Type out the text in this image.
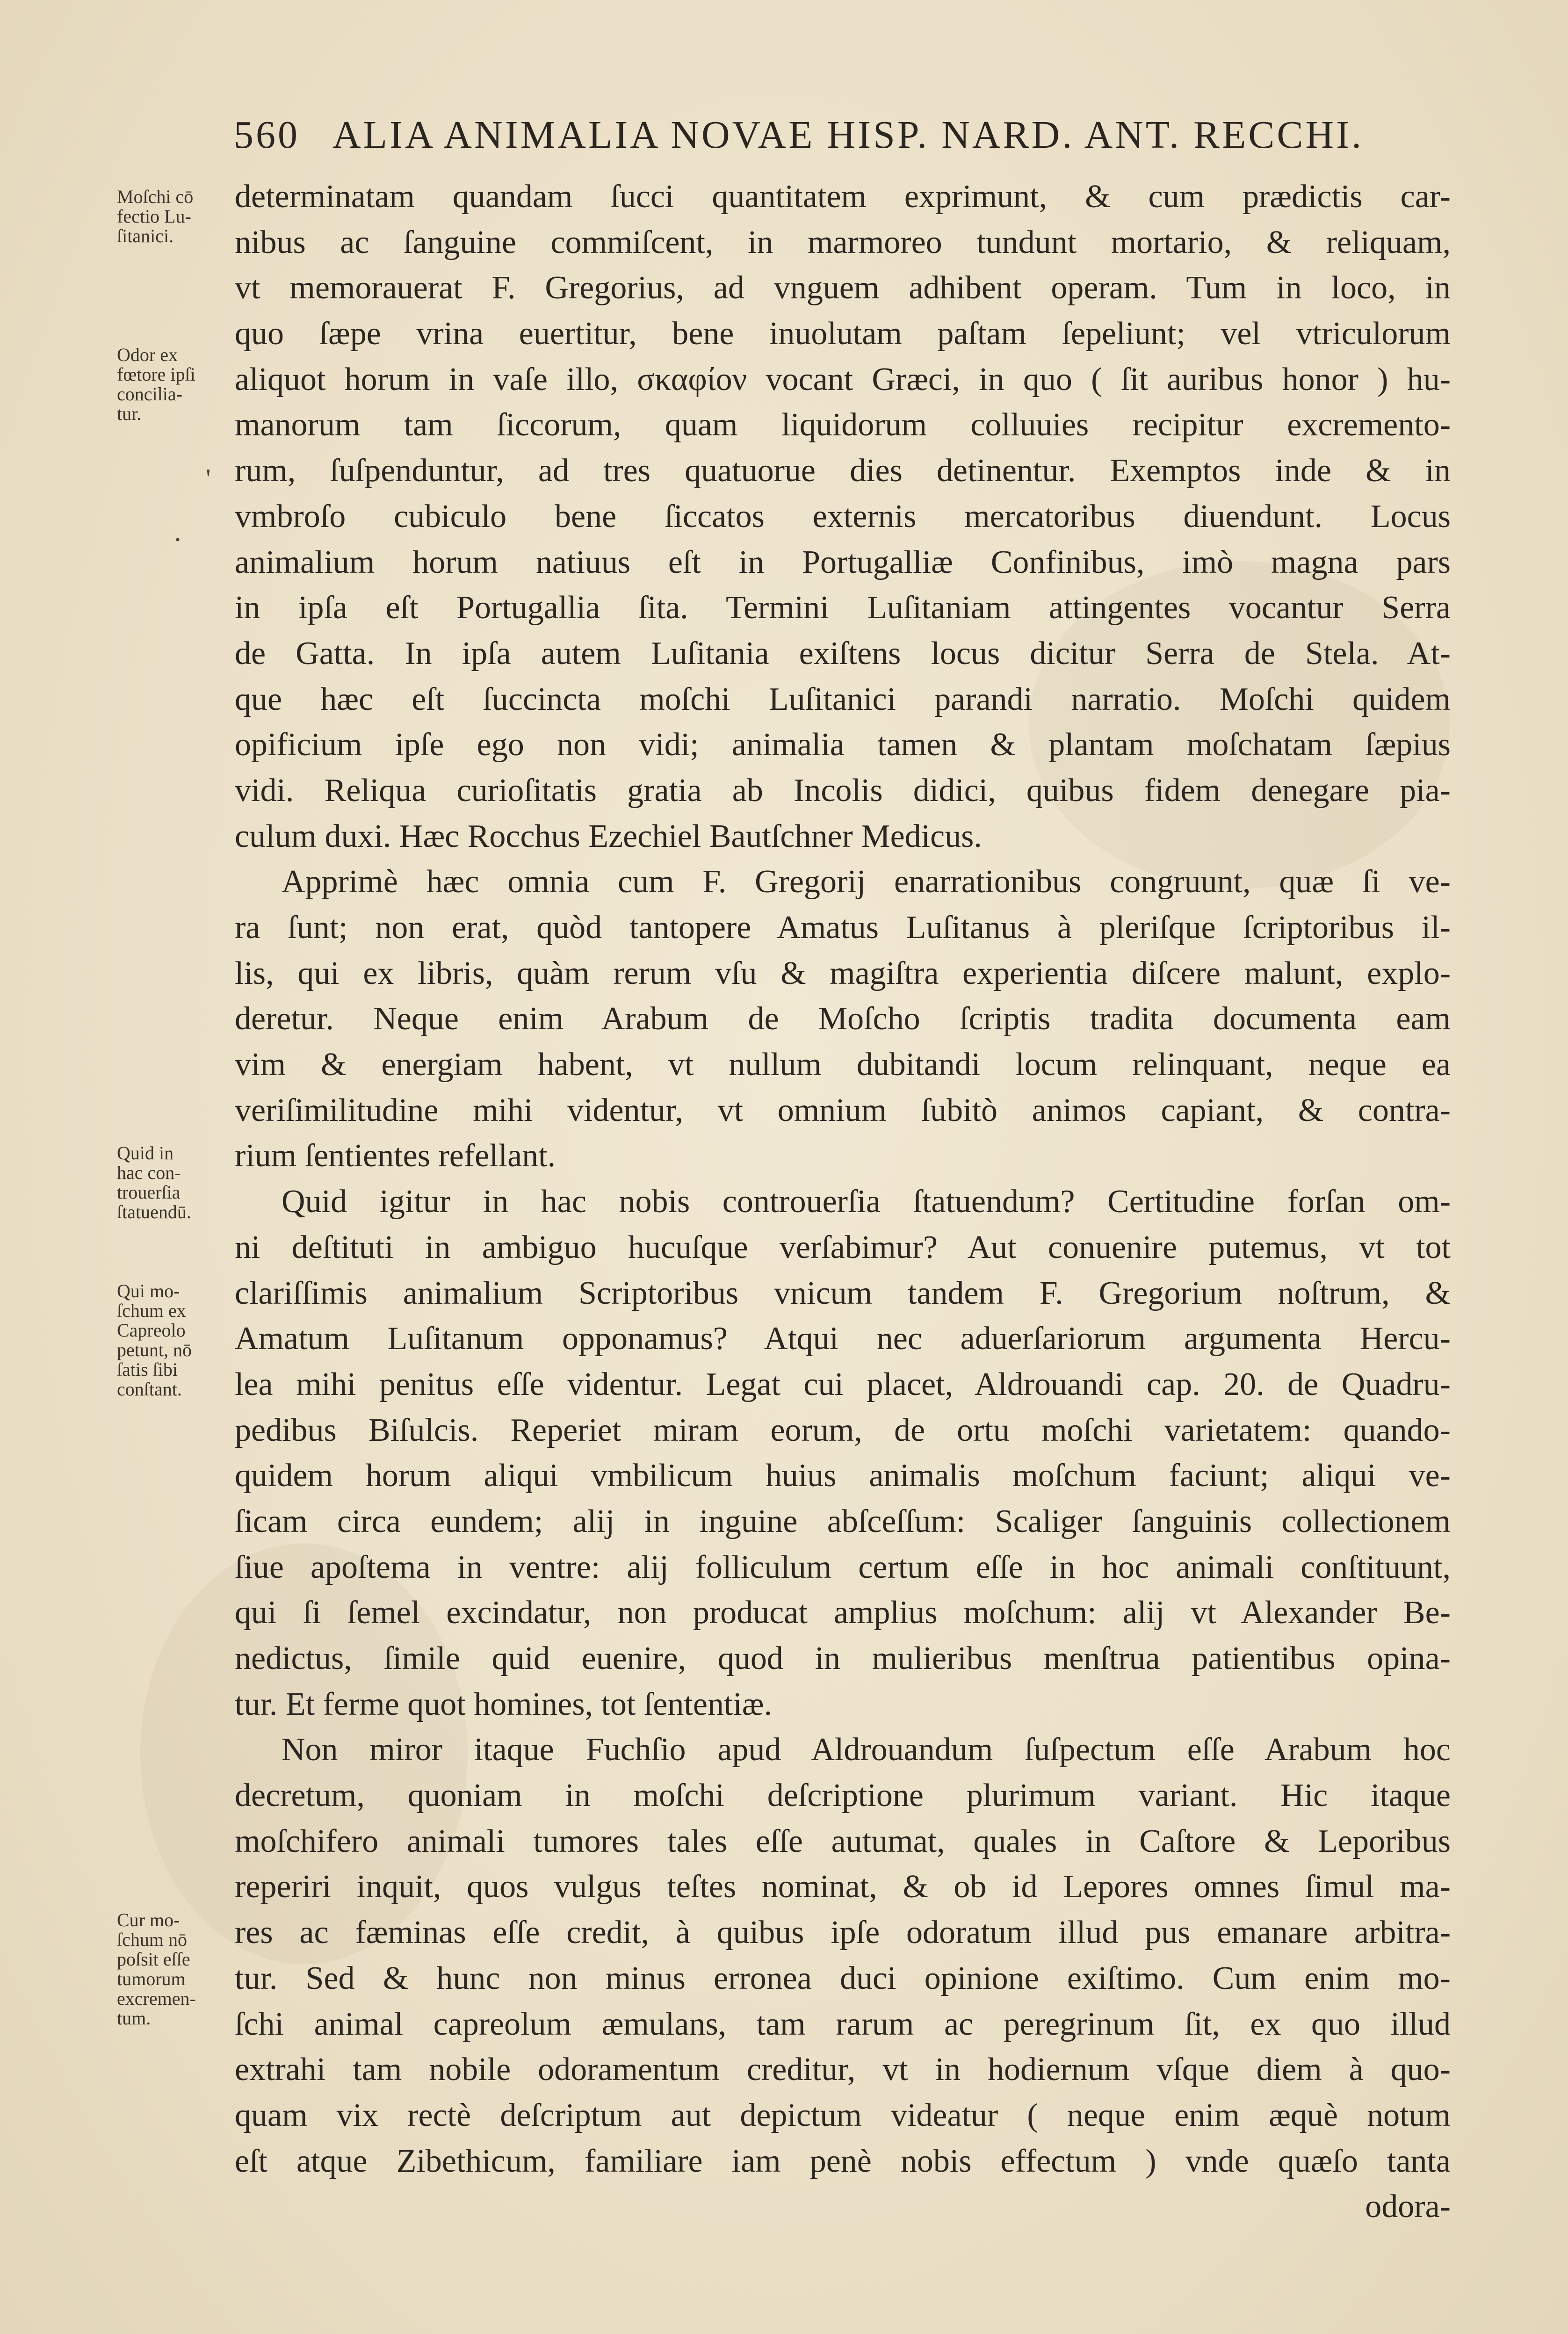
560 ALIA ANIMALIA NOVAE HISP. NARD. ANT. RECCHI.
Moſchi cō
fectio Lu-
ſitanici.
Odor ex
fœtore ipſi
concilia-
tur.
'
·
Quid in
hac con-
trouerſia
ſtatuendū.
Qui mo-
ſchum ex
Capreolo
petunt, nō
ſatis ſibi
conſtant.
Cur mo-
ſchum nō
poſsit eſſe
tumorum
excremen-
tum.
determinatam quandam ſucci quantitatem exprimunt, & cum prædictis car-
nibus ac ſanguine commiſcent, in marmoreo tundunt mortario, & reliquam,
vt memorauerat F. Gregorius, ad vnguem adhibent operam. Tum in loco, in
quo ſæpe vrina euertitur, bene inuolutam paſtam ſepeliunt; vel vtriculorum
aliquot horum in vaſe illo, σκαφίον vocant Græci, in quo ( ſit auribus honor ) hu-
manorum tam ſiccorum, quam liquidorum colluuies recipitur excremento-
rum, ſuſpenduntur, ad tres quatuorue dies detinentur. Exemptos inde & in
vmbroſo cubiculo bene ſiccatos externis mercatoribus diuendunt. Locus
animalium horum natiuus eſt in Portugalliæ Confinibus, imò magna pars
in ipſa eſt Portugallia ſita. Termini Luſitaniam attingentes vocantur Serra
de Gatta. In ipſa autem Luſitania exiſtens locus dicitur Serra de Stela. At-
que hæc eſt ſuccincta moſchi Luſitanici parandi narratio. Moſchi quidem
opificium ipſe ego non vidi; animalia tamen & plantam moſchatam ſæpius
vidi. Reliqua curioſitatis gratia ab Incolis didici, quibus fidem denegare pia-
culum duxi. Hæc Rocchus Ezechiel Bautſchner Medicus.
Apprimè hæc omnia cum F. Gregorij enarrationibus congruunt, quæ ſi ve-
ra ſunt; non erat, quòd tantopere Amatus Luſitanus à pleriſque ſcriptoribus il-
lis, qui ex libris, quàm rerum vſu & magiſtra experientia diſcere malunt, explo-
deretur. Neque enim Arabum de Moſcho ſcriptis tradita documenta eam
vim & energiam habent, vt nullum dubitandi locum relinquant, neque ea
veriſimilitudine mihi videntur, vt omnium ſubitò animos capiant, & contra-
rium ſentientes refellant.
Quid igitur in hac nobis controuerſia ſtatuendum? Certitudine forſan om-
ni deſtituti in ambiguo hucuſque verſabimur? Aut conuenire putemus, vt tot
clariſſimis animalium Scriptoribus vnicum tandem F. Gregorium noſtrum, &
Amatum Luſitanum opponamus? Atqui nec aduerſariorum argumenta Hercu-
lea mihi penitus eſſe videntur. Legat cui placet, Aldrouandi cap. 20. de Quadru-
pedibus Biſulcis. Reperiet miram eorum, de ortu moſchi varietatem: quando-
quidem horum aliqui vmbilicum huius animalis moſchum faciunt; aliqui ve-
ſicam circa eundem; alij in inguine abſceſſum: Scaliger ſanguinis collectionem
ſiue apoſtema in ventre: alij folliculum certum eſſe in hoc animali conſtituunt,
qui ſi ſemel excindatur, non producat amplius moſchum: alij vt Alexander Be-
nedictus, ſimile quid euenire, quod in mulieribus menſtrua patientibus opina-
tur. Et ferme quot homines, tot ſententiæ.
Non miror itaque Fuchſio apud Aldrouandum ſuſpectum eſſe Arabum hoc
decretum, quoniam in moſchi deſcriptione plurimum variant. Hic itaque
moſchifero animali tumores tales eſſe autumat, quales in Caſtore & Leporibus
reperiri inquit, quos vulgus teſtes nominat, & ob id Lepores omnes ſimul ma-
res ac fæminas eſſe credit, à quibus ipſe odoratum illud pus emanare arbitra-
tur. Sed & hunc non minus erronea duci opinione exiſtimo. Cum enim mo-
ſchi animal capreolum æmulans, tam rarum ac peregrinum ſit, ex quo illud
extrahi tam nobile odoramentum creditur, vt in hodiernum vſque diem à quo-
quam vix rectè deſcriptum aut depictum videatur ( neque enim æquè notum
eſt atque Zibethicum, familiare iam penè nobis effectum ) vnde quæſo tanta
odora-
